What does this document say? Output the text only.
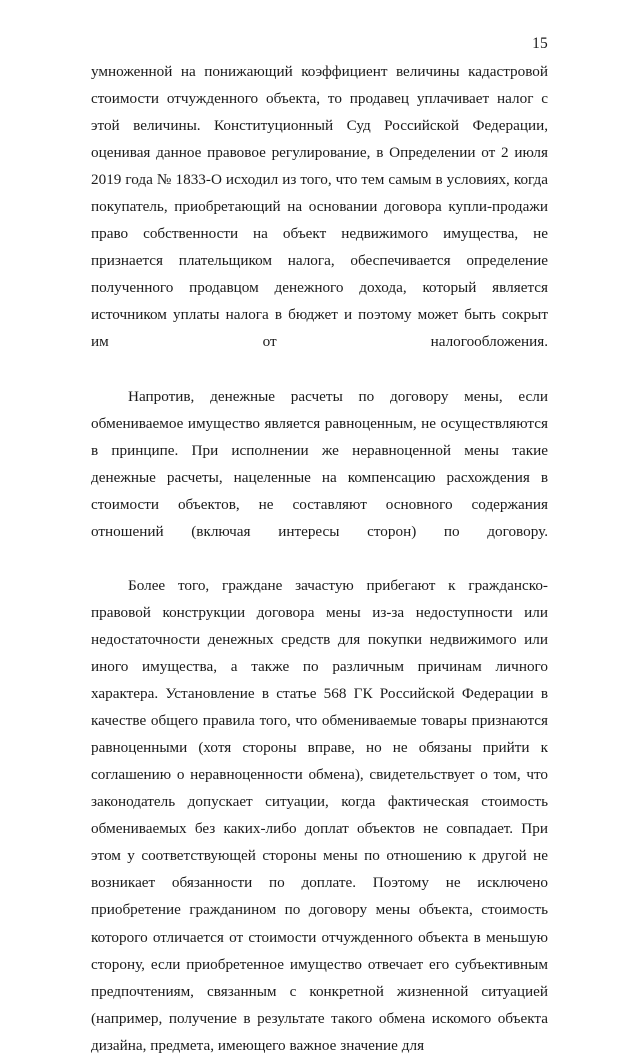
15

умноженной на понижающий коэффициент величины кадастровой стоимости отчужденного объекта, то продавец уплачивает налог с этой величины. Конституционный Суд Российской Федерации, оценивая данное правовое регулирование, в Определении от 2 июля 2019 года № 1833-О исходил из того, что тем самым в условиях, когда покупатель, приобретающий на основании договора купли-продажи право собственности на объект недвижимого имущества, не признается плательщиком налога, обеспечивается определение полученного продавцом денежного дохода, который является источником уплаты налога в бюджет и поэтому может быть сокрыт им от налогообложения.

Напротив, денежные расчеты по договору мены, если обмениваемое имущество является равноценным, не осуществляются в принципе. При исполнении же неравноценной мены такие денежные расчеты, нацеленные на компенсацию расхождения в стоимости объектов, не составляют основного содержания отношений (включая интересы сторон) по договору.

Более того, граждане зачастую прибегают к гражданско-правовой конструкции договора мены из-за недоступности или недостаточности денежных средств для покупки недвижимого или иного имущества, а также по различным причинам личного характера. Установление в статье 568 ГК Российской Федерации в качестве общего правила того, что обмениваемые товары признаются равноценными (хотя стороны вправе, но не обязаны прийти к соглашению о неравноценности обмена), свидетельствует о том, что законодатель допускает ситуации, когда фактическая стоимость обмениваемых без каких-либо доплат объектов не совпадает. При этом у соответствующей стороны мены по отношению к другой не возникает обязанности по доплате. Поэтому не исключено приобретение гражданином по договору мены объекта, стоимость которого отличается от стоимости отчужденного объекта в меньшую сторону, если приобретенное имущество отвечает его субъективным предпочтениям, связанным с конкретной жизненной ситуацией (например, получение в результате такого обмена искомого объекта дизайна, предмета, имеющего важное значение для
